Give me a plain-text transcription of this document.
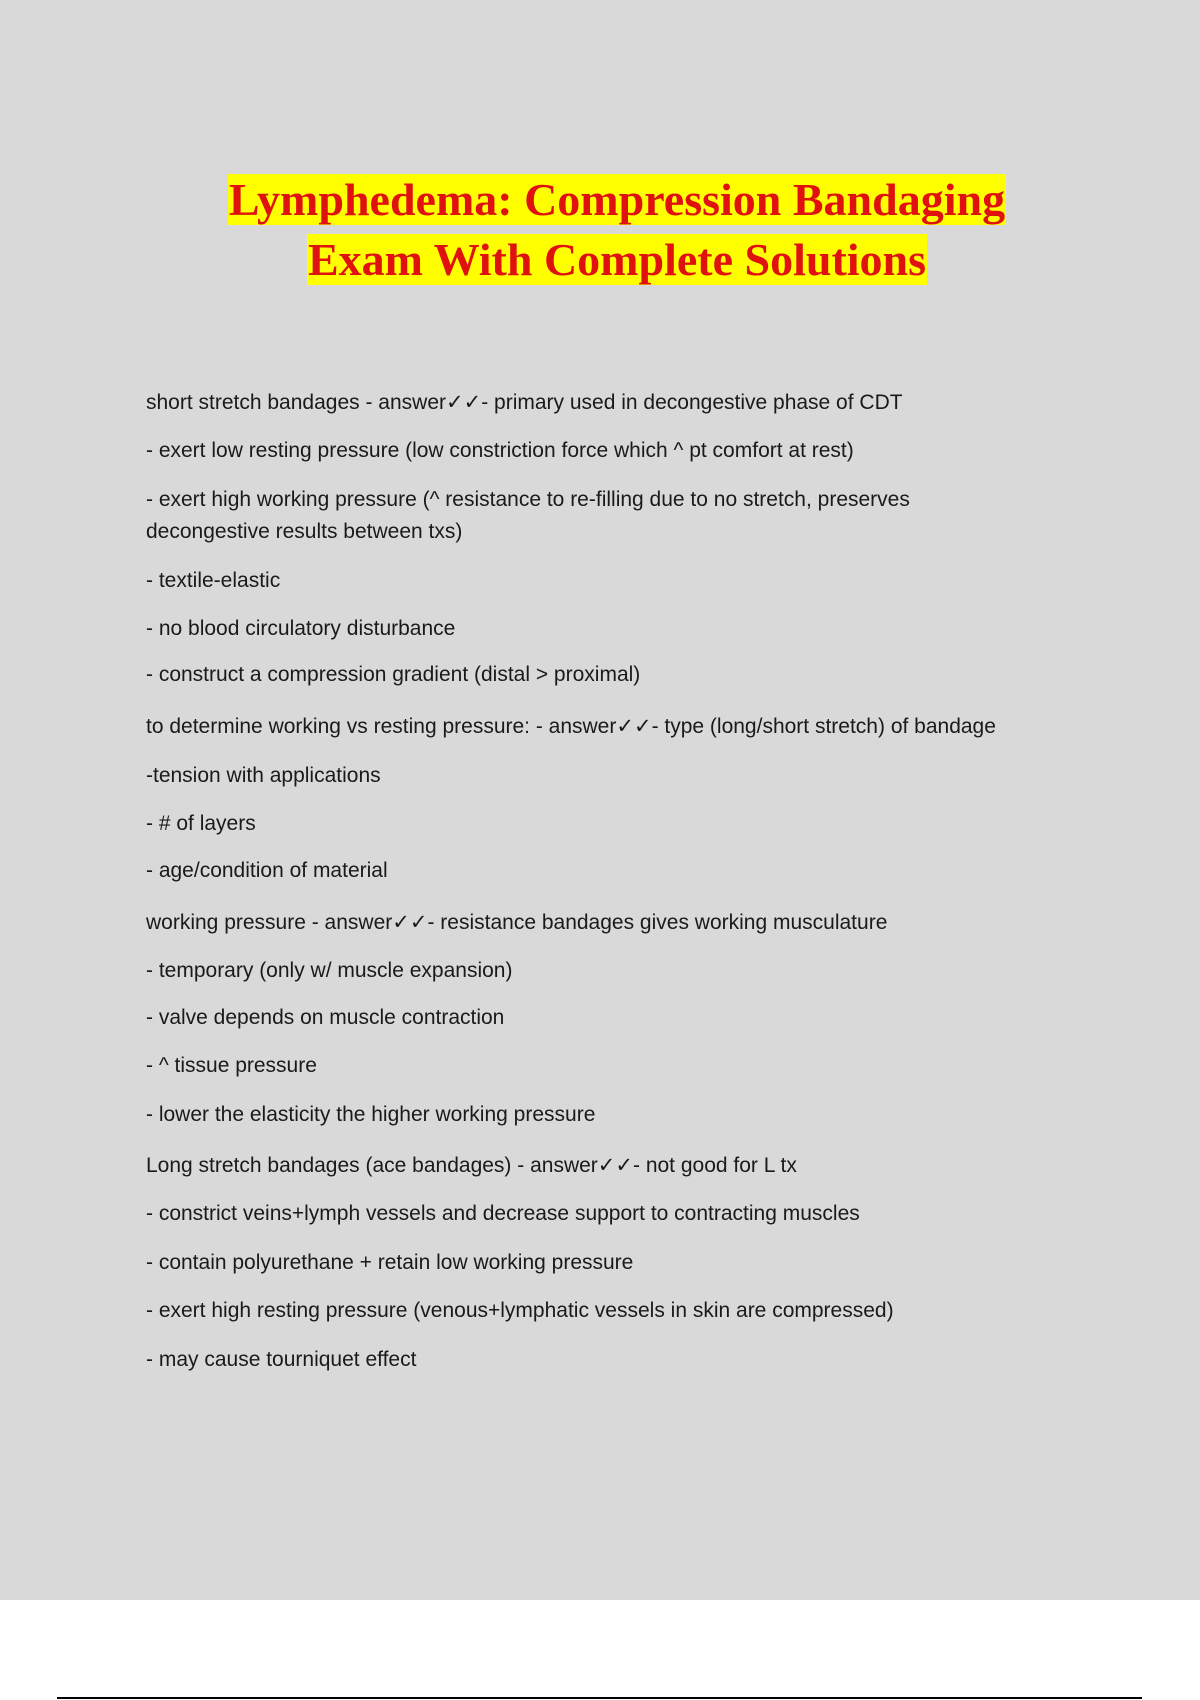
Lymphedema: Compression Bandaging
Exam With Complete Solutions
short stretch bandages - answer✓✓- primary used in decongestive phase of CDT
- exert low resting pressure (low constriction force which ^ pt comfort at rest)
- exert high working pressure (^ resistance to re-filling due to no stretch, preserves decongestive results between txs)
- textile-elastic
- no blood circulatory disturbance
- construct a compression gradient (distal > proximal)
to determine working vs resting pressure: - answer✓✓- type (long/short stretch) of bandage
-tension with applications
- # of layers
- age/condition of material
working pressure - answer✓✓- resistance bandages gives working musculature
- temporary (only w/ muscle expansion)
- valve depends on muscle contraction
- ^ tissue pressure
- lower the elasticity the higher working pressure
Long stretch bandages (ace bandages) - answer✓✓- not good for L tx
- constrict veins+lymph vessels and decrease support to contracting muscles
- contain polyurethane + retain low working pressure
- exert high resting pressure (venous+lymphatic vessels in skin are compressed)
- may cause tourniquet effect
